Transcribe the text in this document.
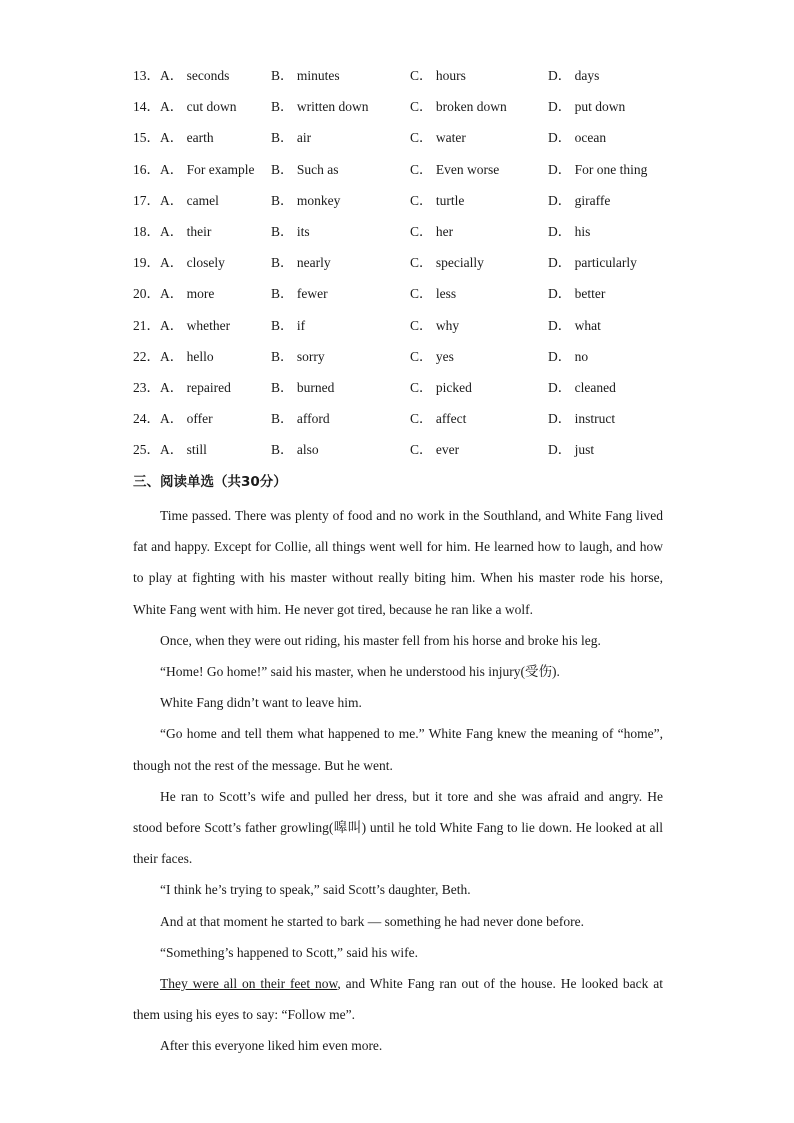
13． A． seconds	B． minutes	C． hours	D． days
14． A． cut down	B． written down	C． broken down	D． put down
15． A． earth	B． air	C． water	D． ocean
16． A． For example B． Such as	C． Even worse	D． For one thing
17． A． camel	B． monkey	C． turtle	D． giraffe
18． A． their	B． its	C． her	D． his
19． A． closely	B． nearly	C． specially	D． particularly
20． A． more	B． fewer	C． less	D． better
21． A． whether	B． if	C． why	D． what
22． A． hello	B． sorry	C． yes	D． no
23． A． repaired	B． burned	C． picked	D． cleaned
24． A． offer	B． afford	C． affect	D． instruct
25． A． still	B． also	C． ever	D． just
三、阅读单选（共30分）

Time passed. There was plenty of food and no work in the Southland, and White Fang lived fat and happy. Except for Collie, all things went well for him. He learned how to laugh, and how to play at fighting with his master without really biting him. When his master rode his horse, White Fang went with him. He never got tired, because he ran like a wolf.

Once, when they were out riding, his master fell from his horse and broke his leg.

“Home! Go home!” said his master, when he understood his injury(受伤).

White Fang didn’t want to leave him.

“Go home and tell them what happened to me.” White Fang knew the meaning of “home”, though not the rest of the message. But he went.

He ran to Scott’s wife and pulled her dress, but it tore and she was afraid and angry. He stood before Scott’s father growling(嗥叫) until he told White Fang to lie down. He looked at all their faces.

“I think he’s trying to speak,” said Scott’s daughter, Beth.

And at that moment he started to bark — something he had never done before.

“Something’s happened to Scott,” said his wife.

They were all on their feet now, and White Fang ran out of the house. He looked back at them using his eyes to say: “Follow me”.

After this everyone liked him even more.
